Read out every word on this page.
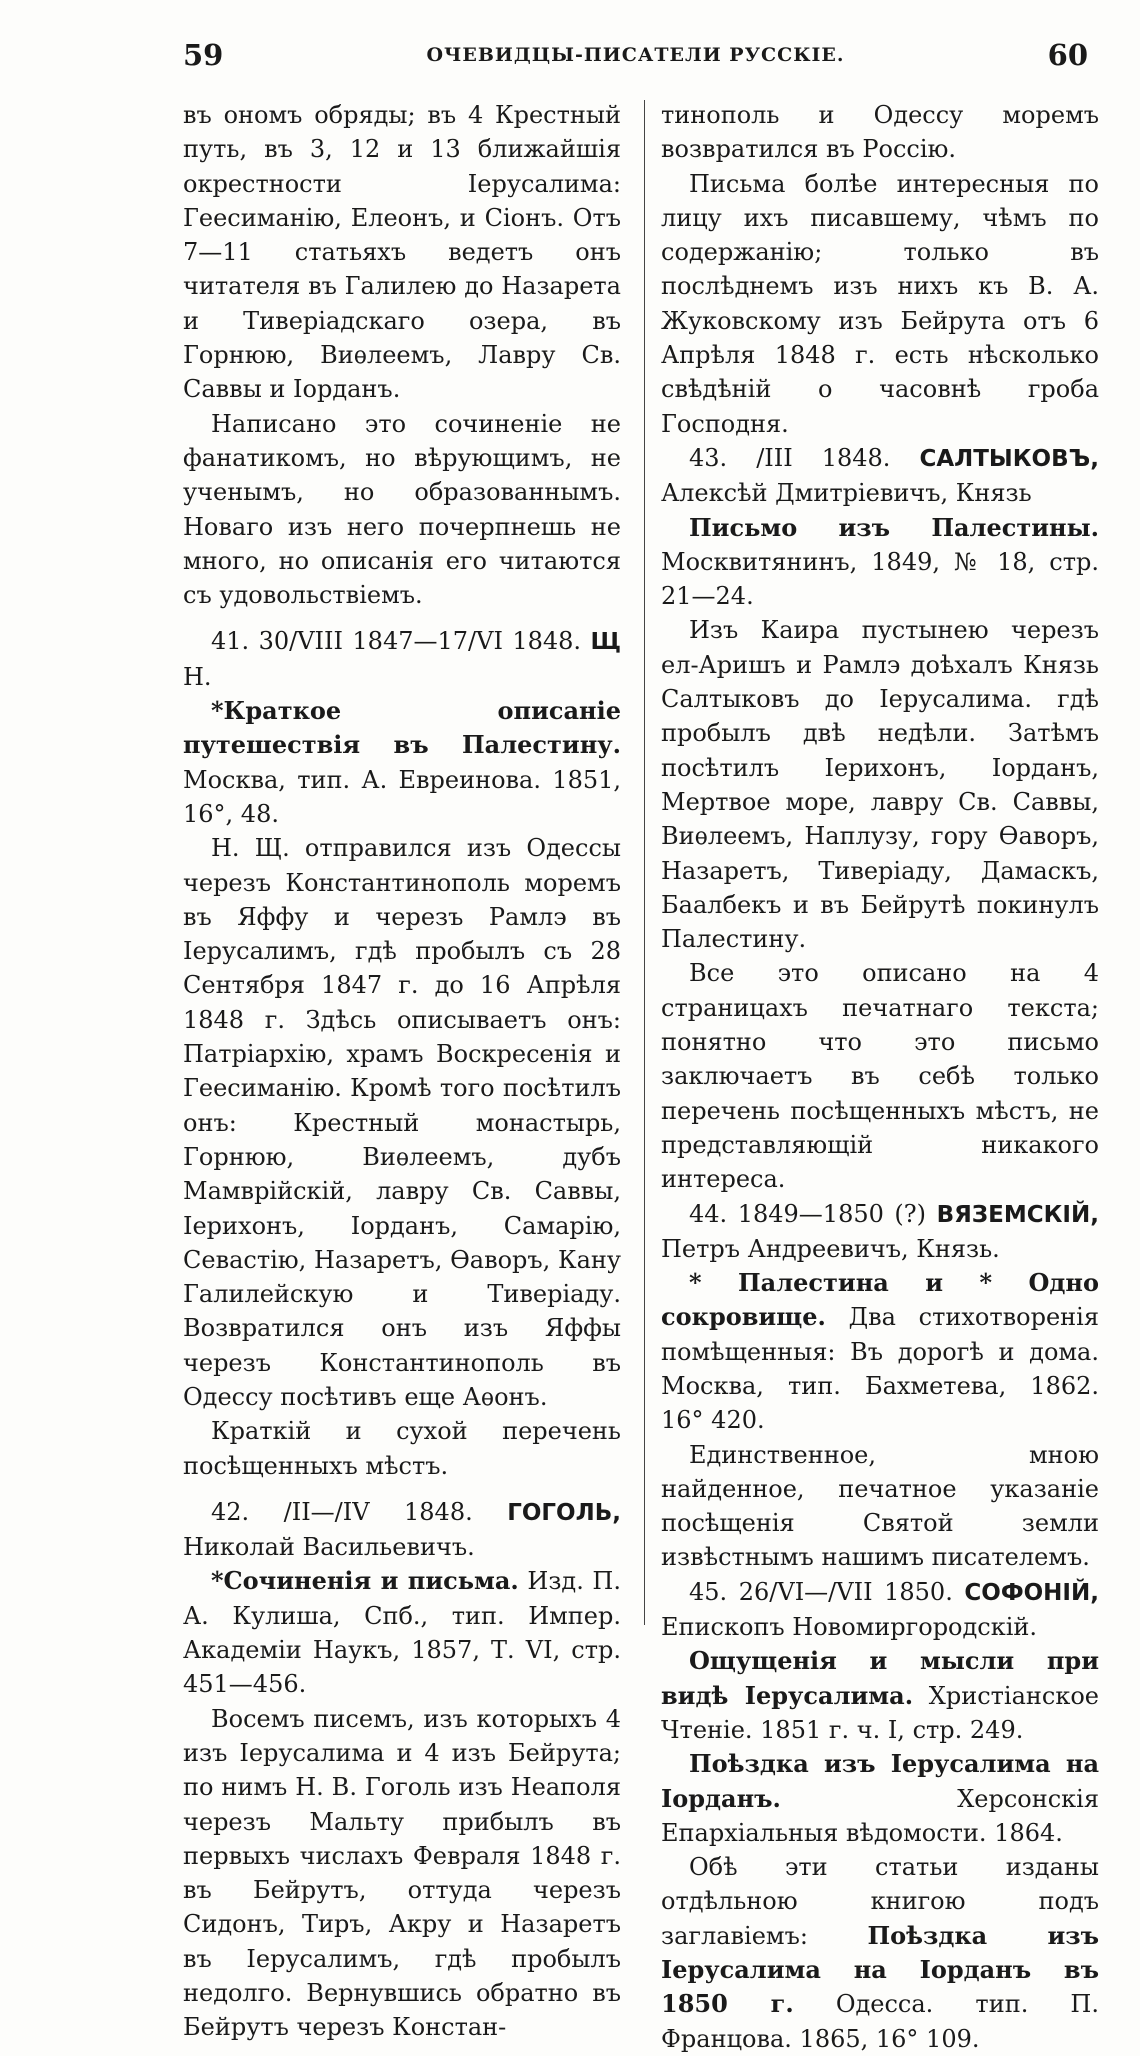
59	ОЧЕВИДЦЫ-ПИСАТЕЛИ РУССКІЕ.	60

въ ономъ обряды; въ 4 Крестный путь, въ 3, 12 и 13 ближайшія окрестности Іерусалима: Геесиманію, Елеонъ, и Сіонъ. Отъ 7—11 статьяхъ ведетъ онъ читателя въ Галилею до Назарета и Тиверіадскаго озера, въ Горнюю, Виѳлеемъ, Лавру Св. Саввы и Іорданъ.

Написано это сочиненіе не фанатикомъ, но вѣрующимъ, не ученымъ, но образованнымъ. Новаго изъ него почерпнешь не много, но описанія его читаются съ удовольствіемъ.

41. 30/VIII 1847—17/VI 1848. Щ Н.

*Краткое описаніе путешествія въ Палестину. Москва, тип. А. Евреинова. 1851, 16°, 48.

Н. Щ. отправился изъ Одессы черезъ Константинополь моремъ въ Яффу и черезъ Рамлэ въ Іерусалимъ, гдѣ пробылъ съ 28 Сентября 1847 г. до 16 Апрѣля 1848 г. Здѣсь описываетъ онъ: Патріархію, храмъ Воскресенія и Геесиманію. Кромѣ того посѣтилъ онъ: Крестный монастырь, Горнюю, Виѳлеемъ, дубъ Мамврійскій, лавру Св. Саввы, Іерихонъ, Іорданъ, Самарію, Севастію, Назаретъ, Ѳаворъ, Кану Галилейскую и Тиверіаду. Возвратился онъ изъ Яффы черезъ Константинополь въ Одессу посѣтивъ еще Аѳонъ.

Краткій и сухой перечень посѣщенныхъ мѣстъ.

42. /II—/IV 1848. ГОГОЛЬ, Николай Васильевичъ.

*Сочиненія и письма. Изд. П. А. Кулиша, Спб., тип. Импер. Академіи Наукъ, 1857, Т. VI, стр. 451—456.

Восемъ писемъ, изъ которыхъ 4 изъ Іерусалима и 4 изъ Бейрута; по нимъ Н. В. Гоголь изъ Неаполя черезъ Мальту прибылъ въ первыхъ числахъ Февраля 1848 г. въ Бейрутъ, оттуда черезъ Сидонъ, Тиръ, Акру и Назаретъ въ Іерусалимъ, гдѣ пробылъ недолго. Вернувшись обратно въ Бейрутъ черезъ Констан-

тинополь и Одессу моремъ возвратился въ Россію.

Письма болѣе интересныя по лицу ихъ писавшему, чѣмъ по содержанію; только въ послѣднемъ изъ нихъ къ В. А. Жуковскому изъ Бейрута отъ 6 Апрѣля 1848 г. есть нѣсколько свѣдѣній о часовнѣ гроба Господня.

43. /III 1848. САЛТЫКОВЪ, Алексѣй Дмитріевичъ, Князь

Письмо изъ Палестины. Москвитянинъ, 1849, № 18, стр. 21—24.

Изъ Каира пустынею черезъ ел-Аришъ и Рамлэ доѣхалъ Князь Салтыковъ до Іерусалима. гдѣ пробылъ двѣ недѣли. Затѣмъ посѣтилъ Іерихонъ, Іорданъ, Мертвое море, лавру Св. Саввы, Виѳлеемъ, Наплузу, гору Ѳаворъ, Назаретъ, Тиверіаду, Дамаскъ, Баалбекъ и въ Бейрутѣ покинулъ Палестину.

Все это описано на 4 страницахъ печатнаго текста; понятно что это письмо заключаетъ въ себѣ только перечень посѣщенныхъ мѣстъ, не представляющій никакого интереса.

44. 1849—1850 (?) ВЯЗЕМСКІЙ, Петръ Андреевичъ, Князь.

* Палестина и * Одно сокровище. Два стихотворенія помѣщенныя: Въ дорогѣ и дома. Москва, тип. Бахметева, 1862. 16° 420.

Единственное, мною найденное, печатное указаніе посѣщенія Святой земли извѣстнымъ нашимъ писателемъ.

45. 26/VI—/VII 1850. СОФОНІЙ, Епископъ Новомиргородскій.

Ощущенія и мысли при видѣ Іерусалима. Христіанское Чтеніе. 1851 г. ч. I, стр. 249.

Поѣздка изъ Іерусалима на Іорданъ.	Херсонскія Епархіальныя вѣдомости. 1864.

Обѣ эти статьи изданы отдѣльною книгою подъ заглавіемъ: Поѣздка изъ Іерусалима на Іорданъ въ 1850 г. Одесса. тип. П. Францова. 1865, 16° 109.
